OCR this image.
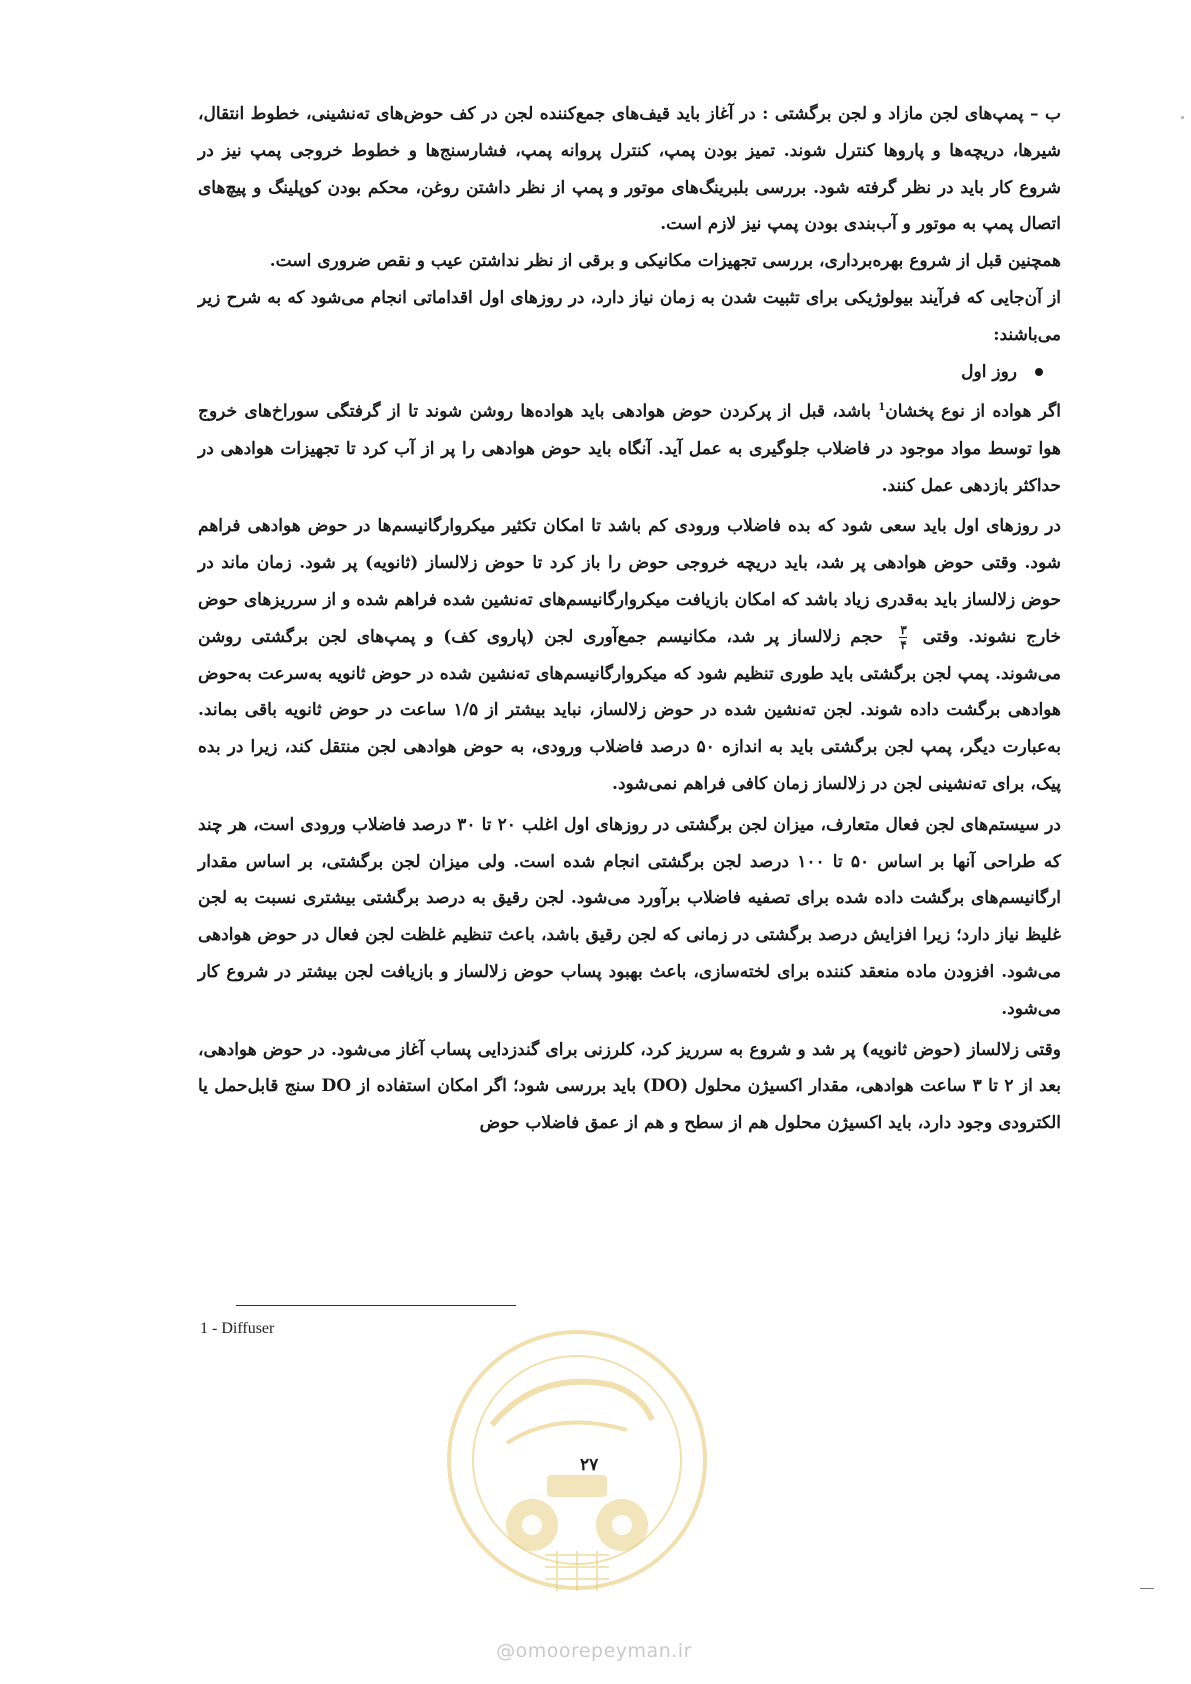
ب – پمپ‌های لجن مازاد و لجن برگشتی : در آغاز باید قیف‌های جمع‌کننده لجن در کف حوض‌های ته‌نشینی، خطوط انتقال، شیرها، دریچه‌ها و پاروها کنترل شوند. تمیز بودن پمپ، کنترل پروانه پمپ، فشارسنج‌ها و خطوط خروجی پمپ نیز در شروع کار باید در نظر گرفته شود. بررسی بلبرینگ‌های موتور و پمپ از نظر داشتن روغن، محکم بودن کوپلینگ و پیچ‌های اتصال پمپ به موتور و آب‌بندی بودن پمپ نیز لازم است.

همچنین قبل از شروع بهره‌برداری، بررسی تجهیزات مکانیکی و برقی از نظر نداشتن عیب و نقص ضروری است.

از آن‌جایی که فرآیند بیولوژیکی برای تثبیت شدن به زمان نیاز دارد، در روزهای اول اقداماتی انجام می‌شود که به شرح زیر می‌باشند:

روز اول

اگر هواده از نوع پخشان$^1$ باشد، قبل از پرکردن حوض هوادهی باید هواده‌ها روشن شوند تا از گرفتگی سوراخ‌های خروج هوا توسط مواد موجود در فاضلاب جلوگیری به عمل آید. آنگاه باید حوض هوادهی را پر از آب کرد تا تجهیزات هوادهی در حداکثر بازدهی عمل کنند.

در روزهای اول باید سعی شود که بده فاضلاب ورودی کم باشد تا امکان تکثیر میکروارگانیسم‌ها در حوض هوادهی فراهم شود. وقتی حوض هوادهی پر شد، باید دریچه خروجی حوض را باز کرد تا حوض زلالساز (ثانویه) پر شود. زمان ماند در حوض زلالساز باید به‌قدری زیاد باشد که امکان بازیافت میکروارگانیسم‌های ته‌نشین شده فراهم شده و از سرریزهای حوض خارج نشوند. وقتی
$\frac{۳}{۴}$
حجم زلالساز پر شد، مکانیسم جمع‌آوری لجن (پاروی کف) و پمپ‌های لجن برگشتی روشن می‌شوند. پمپ لجن برگشتی باید طوری تنظیم شود که میکروارگانیسم‌های ته‌نشین شده در حوض ثانویه به‌سرعت به‌حوض هوادهی برگشت داده شوند. لجن ته‌نشین شده در حوض زلالساز، نباید بیشتر از ۱/۵ ساعت در حوض ثانویه باقی بماند. به‌عبارت دیگر، پمپ لجن برگشتی باید به اندازه ۵۰ درصد فاضلاب ورودی، به حوض هوادهی لجن منتقل کند، زیرا در بده پیک، برای ته‌نشینی لجن در زلالساز زمان کافی فراهم نمی‌شود.

در سیستم‌های لجن فعال متعارف، میزان لجن برگشتی در روزهای اول اغلب ۲۰ تا ۳۰ درصد فاضلاب ورودی است، هر چند که طراحی آنها بر اساس ۵۰ تا ۱۰۰ درصد لجن برگشتی انجام شده است. ولی میزان لجن برگشتی، بر اساس مقدار ارگانیسم‌های برگشت داده شده برای تصفیه فاضلاب برآورد می‌شود. لجن رقیق به درصد برگشتی بیشتری نسبت به لجن غلیظ نیاز دارد؛ زیرا افزایش درصد برگشتی در زمانی که لجن رقیق باشد، باعث تنظیم غلظت لجن فعال در حوض هوادهی می‌شود. افزودن ماده منعقد کننده برای لخته‌سازی، باعث بهبود پساب حوض زلالساز و بازیافت لجن بیشتر در شروع کار می‌شود.

وقتی زلالساز (حوض ثانویه) پر شد و شروع به سرریز کرد، کلرزنی برای گندزدایی پساب آغاز می‌شود. در حوض هوادهی، بعد از ۲ تا ۳ ساعت هوادهی، مقدار اکسیژن محلول (DO) باید بررسی شود؛ اگر امکان استفاده از DO سنج قابل‌حمل یا الکترودی وجود دارد، باید اکسیژن محلول هم از سطح و هم از عمق فاضلاب حوض

1 - Diffuser
۲۷
@omoorepeyman.ir
